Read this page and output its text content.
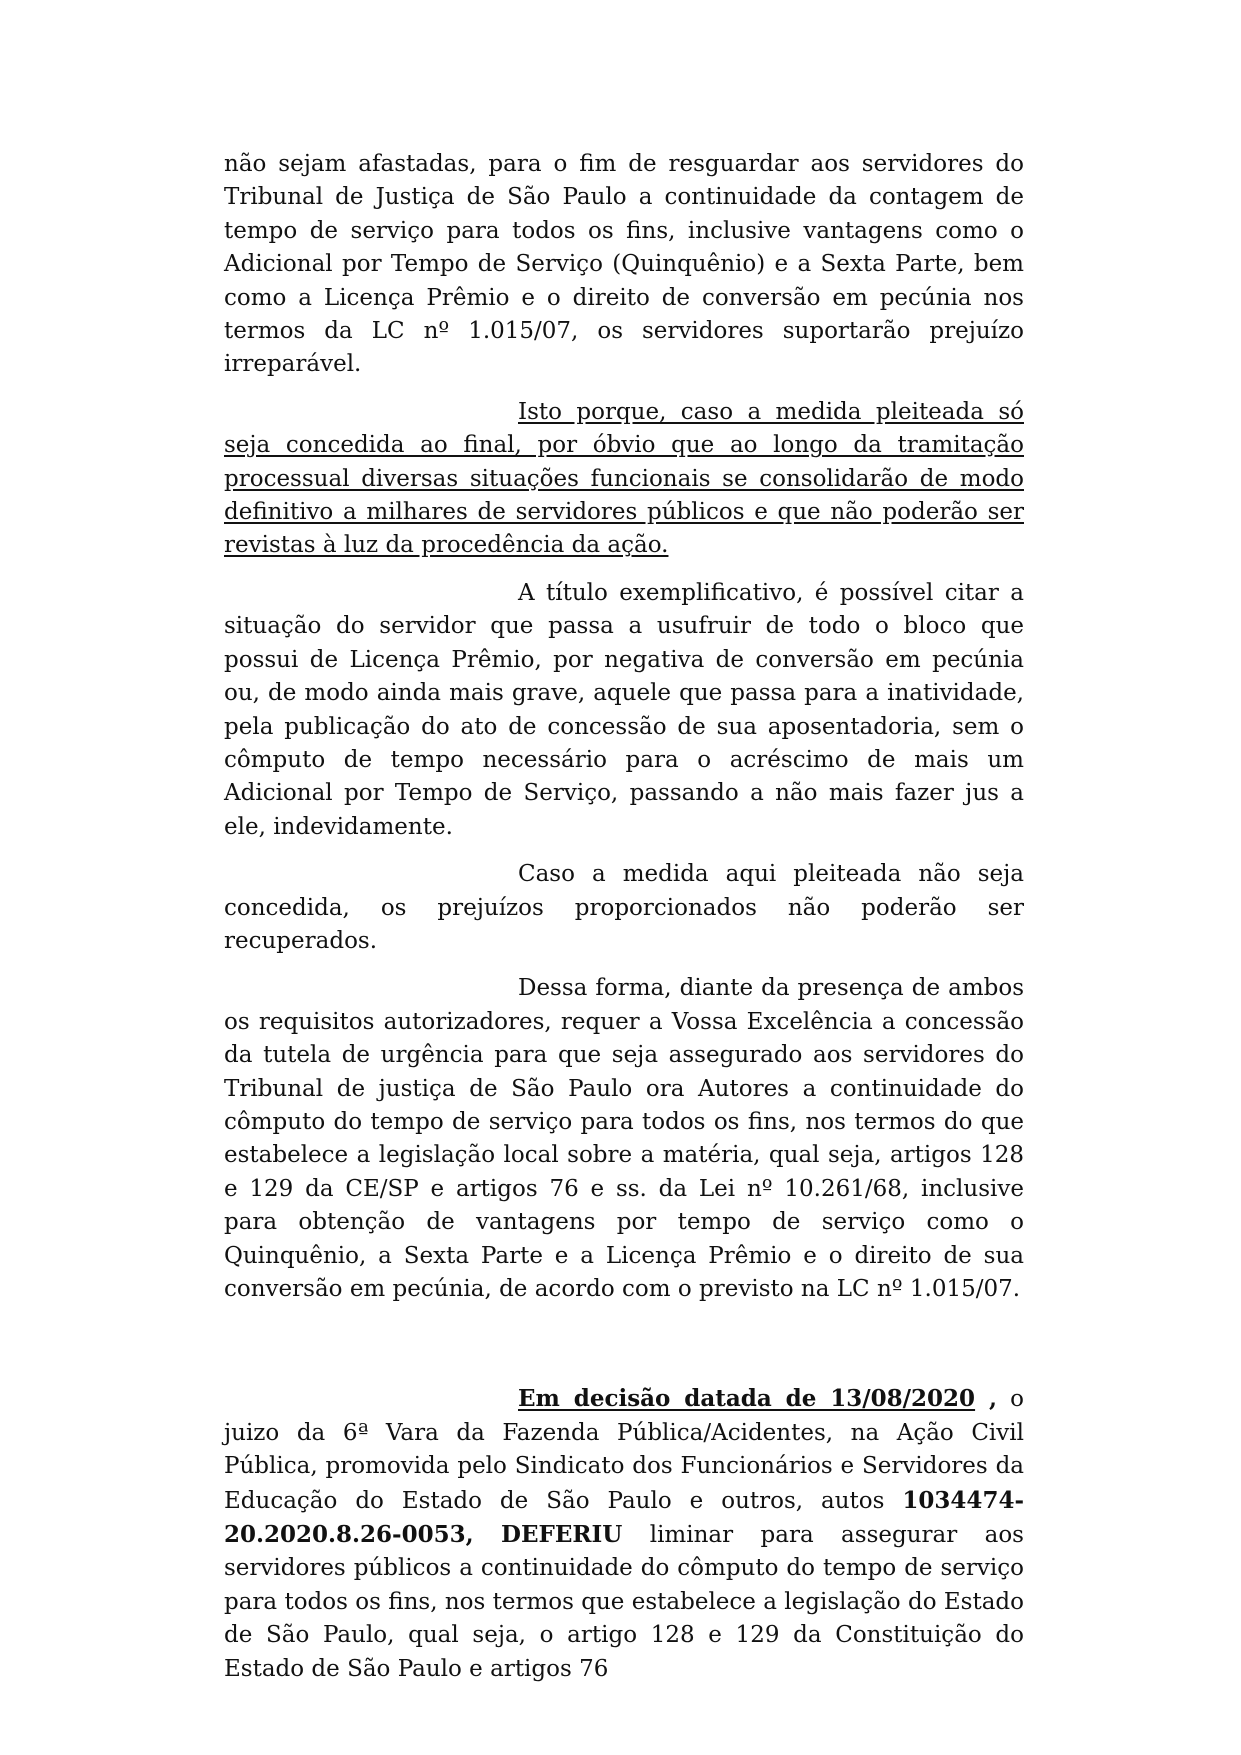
não sejam afastadas, para o fim de resguardar aos servidores do Tribunal de Justiça de São Paulo a continuidade da contagem de tempo de serviço para todos os fins, inclusive vantagens como o Adicional por Tempo de Serviço (Quinquênio) e a Sexta Parte, bem como a Licença Prêmio e o direito de conversão em pecúnia nos termos da LC nº 1.015/07, os servidores suportarão prejuízo irreparável.

Isto porque, caso a medida pleiteada só seja concedida ao final, por óbvio que ao longo da tramitação processual diversas situações funcionais se consolidarão de modo definitivo a milhares de servidores públicos e que não poderão ser revistas à luz da procedência da ação.

A título exemplificativo, é possível citar a situação do servidor que passa a usufruir de todo o bloco que possui de Licença Prêmio, por negativa de conversão em pecúnia ou, de modo ainda mais grave, aquele que passa para a inatividade, pela publicação do ato de concessão de sua aposentadoria, sem o cômputo de tempo necessário para o acréscimo de mais um Adicional por Tempo de Serviço, passando a não mais fazer jus a ele, indevidamente.

Caso a medida aqui pleiteada não seja concedida, os prejuízos proporcionados não poderão ser recuperados.

Dessa forma, diante da presença de ambos os requisitos autorizadores, requer a Vossa Excelência a concessão da tutela de urgência para que seja assegurado aos servidores do Tribunal de justiça de São Paulo ora Autores a continuidade do cômputo do tempo de serviço para todos os fins, nos termos do que estabelece a legislação local sobre a matéria, qual seja, artigos 128 e 129 da CE/SP e artigos 76 e ss. da Lei nº 10.261/68, inclusive para obtenção de vantagens por tempo de serviço como o Quinquênio, a Sexta Parte e a Licença Prêmio e o direito de sua conversão em pecúnia, de acordo com o previsto na LC nº 1.015/07.

Em decisão datada de 13/08/2020 , o juizo da 6ª Vara da Fazenda Pública/Acidentes, na Ação Civil Pública, promovida pelo Sindicato dos Funcionários e Servidores da Educação do Estado de São Paulo e outros, autos 1034474-20.2020.8.26-0053, DEFERIU liminar para assegurar aos servidores públicos a continuidade do cômputo do tempo de serviço para todos os fins, nos termos que estabelece a legislação do Estado de São Paulo, qual seja, o artigo 128 e 129 da Constituição do Estado de São Paulo e artigos 76
